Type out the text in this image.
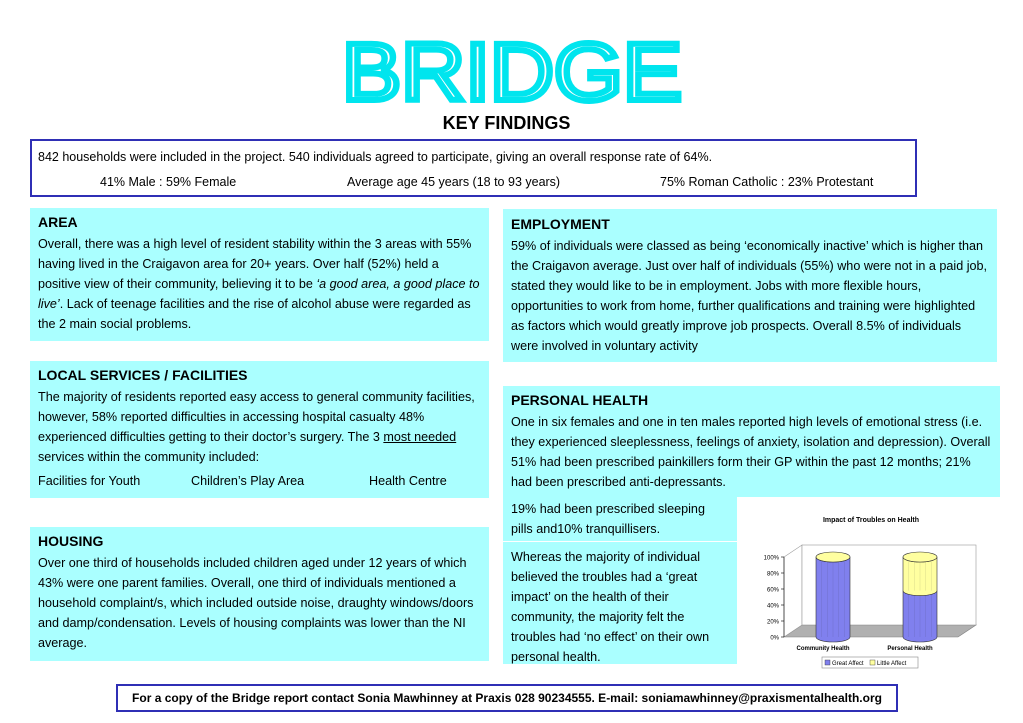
BRIDGE
KEY FINDINGS
842 households were included in the project. 540 individuals agreed to participate, giving an overall response rate of 64%.
41% Male : 59% Female	Average age 45 years (18 to 93 years)	75% Roman Catholic : 23% Protestant
AREA

Overall, there was a high level of resident stability within the 3 areas with 55% having lived in the Craigavon area for 20+ years. Over half (52%) held a positive view of their community, believing it to be ‘a good area, a good place to live’. Lack of teenage facilities and the rise of alcohol abuse were regarded as the 2 main social problems.

LOCAL SERVICES / FACILITIES

The majority of residents reported easy access to general community facilities, however, 58% reported difficulties in accessing hospital casualty 48% experienced difficulties getting to their doctor’s surgery. The 3 most needed services within the community included:

Facilities for Youth	Children’s Play Area	Health Centre
HOUSING

Over one third of households included children aged under 12 years of which 43% were one parent families. Overall, one third of individuals mentioned a household complaint/s, which included outside noise, draughty windows/doors and damp/condensation. Levels of housing complaints was lower than the NI average.

EMPLOYMENT

59% of individuals were classed as being ‘economically inactive’ which is higher than the Craigavon average. Just over half of individuals (55%) who were not in a paid job, stated they would like to be in employment. Jobs with more flexible hours, opportunities to work from home, further qualifications and training were highlighted as factors which would greatly improve job prospects. Overall 8.5% of individuals were involved in voluntary activity

PERSONAL HEALTH

One in six females and one in ten males reported high levels of emotional stress (i.e. they experienced sleeplessness, feelings of anxiety, isolation and depression). Overall 51% had been prescribed painkillers form their GP within the past 12 months; 21% had been prescribed anti-depressants.

19% had been prescribed sleeping pills and10% tranquillisers.

Whereas the majority of individual believed the troubles had a ‘great impact’ on the health of their community, the majority felt the troubles had ‘no effect’ on their own personal health.

Impact of Troubles on Health
0%
20%
40%
60%
80%
100%
Community Health	Personal Health
Great Affect Little Affect
For a copy of the Bridge report contact Sonia Mawhinney at Praxis 028 90234555. E-mail: soniamawhinney@praxismentalhealth.org
